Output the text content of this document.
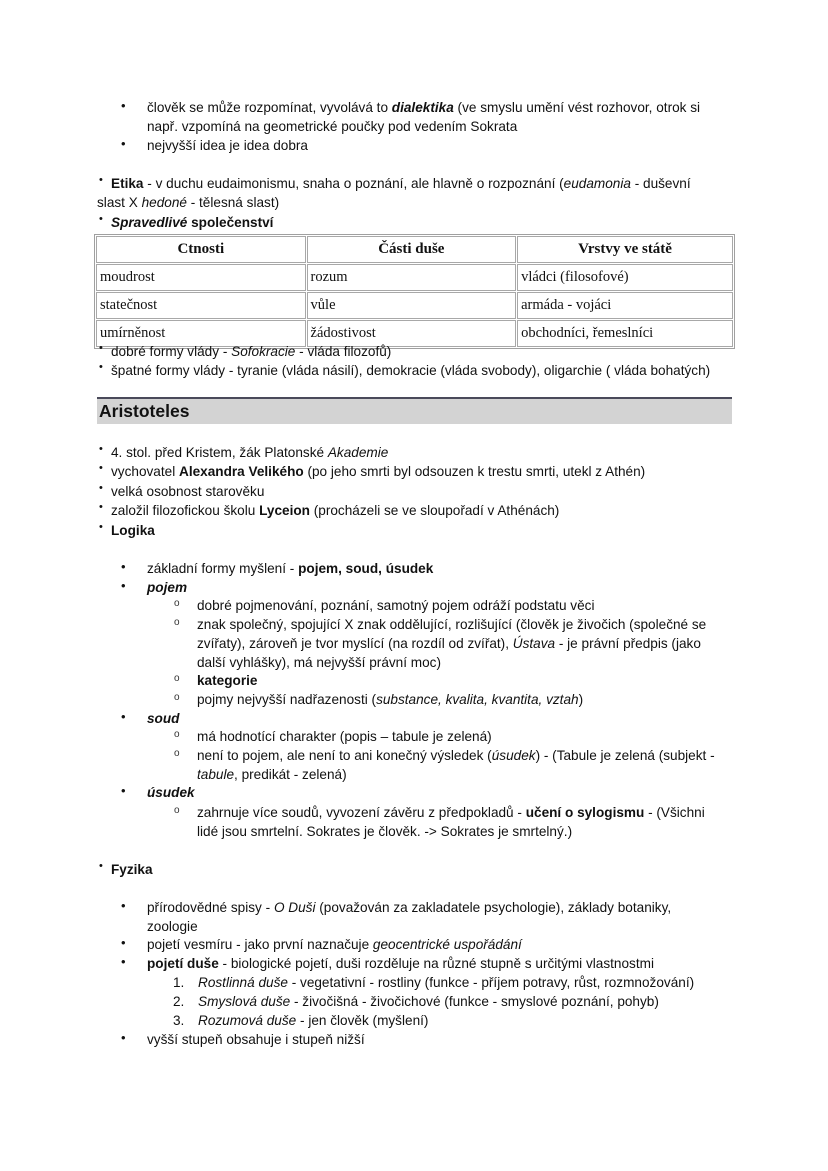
• člověk se může rozpomínat, vyvolává to dialektika (ve smyslu umění vést rozhovor, otrok si
např. vzpomíná na geometrické poučky pod vedením Sokrata
• nejvyšší idea je idea dobra
• Etika - v duchu eudaimonismu, snaha o poznání, ale hlavně o rozpoznání (eudamonia - duševní
slast X hedoné - tělesná slast)
• Spravedlivé společenství
Ctnosti	Části duše	Vrstvy ve státě
moudrost	rozum	vládci (filosofové)
statečnost	vůle	armáda - vojáci
umírněnost	žádostivost	obchodníci, řemeslníci
• dobré formy vlády - Sofokracie - vláda filozofů)
• špatné formy vlády - tyranie (vláda násilí), demokracie (vláda svobody), oligarchie ( vláda bohatých)
Aristoteles
• 4. stol. před Kristem, žák Platonské Akademie
• vychovatel Alexandra Velikého (po jeho smrti byl odsouzen k trestu smrti, utekl z Athén)
• velká osobnost starověku
• založil filozofickou školu Lyceion (procházeli se ve sloupořadí v Athénách)
• Logika
• základní formy myšlení - pojem, soud, úsudek
• pojem
o dobré pojmenování, poznání, samotný pojem odráží podstatu věci
o znak společný, spojující X znak oddělující, rozlišující (člověk je živočich (společné se
zvířaty), zároveň je tvor myslící (na rozdíl od zvířat), Ústava - je právní předpis (jako
další vyhlášky), má nejvyšší právní moc)
o kategorie
o pojmy nejvyšší nadřazenosti (substance, kvalita, kvantita, vztah)
• soud
o má hodnotící charakter (popis – tabule je zelená)
o není to pojem, ale není to ani konečný výsledek (úsudek) - (Tabule je zelená (subjekt -
tabule, predikát - zelená)
• úsudek
o zahrnuje více soudů, vyvození závěru z předpokladů - učení o sylogismu - (Všichni
lidé jsou smrtelní. Sokrates je člověk. -> Sokrates je smrtelný.)
• Fyzika
• přírodovědné spisy - O Duši (považován za zakladatele psychologie), základy botaniky,
zoologie
• pojetí vesmíru - jako první naznačuje geocentrické uspořádání
• pojetí duše - biologické pojetí, duši rozděluje na různé stupně s určitými vlastnostmi
1. Rostlinná duše - vegetativní - rostliny (funkce - příjem potravy, růst, rozmnožování)
2. Smyslová duše - živočišná - živočichové (funkce - smyslové poznání, pohyb)
3. Rozumová duše - jen člověk (myšlení)
• vyšší stupeň obsahuje i stupeň nižší
